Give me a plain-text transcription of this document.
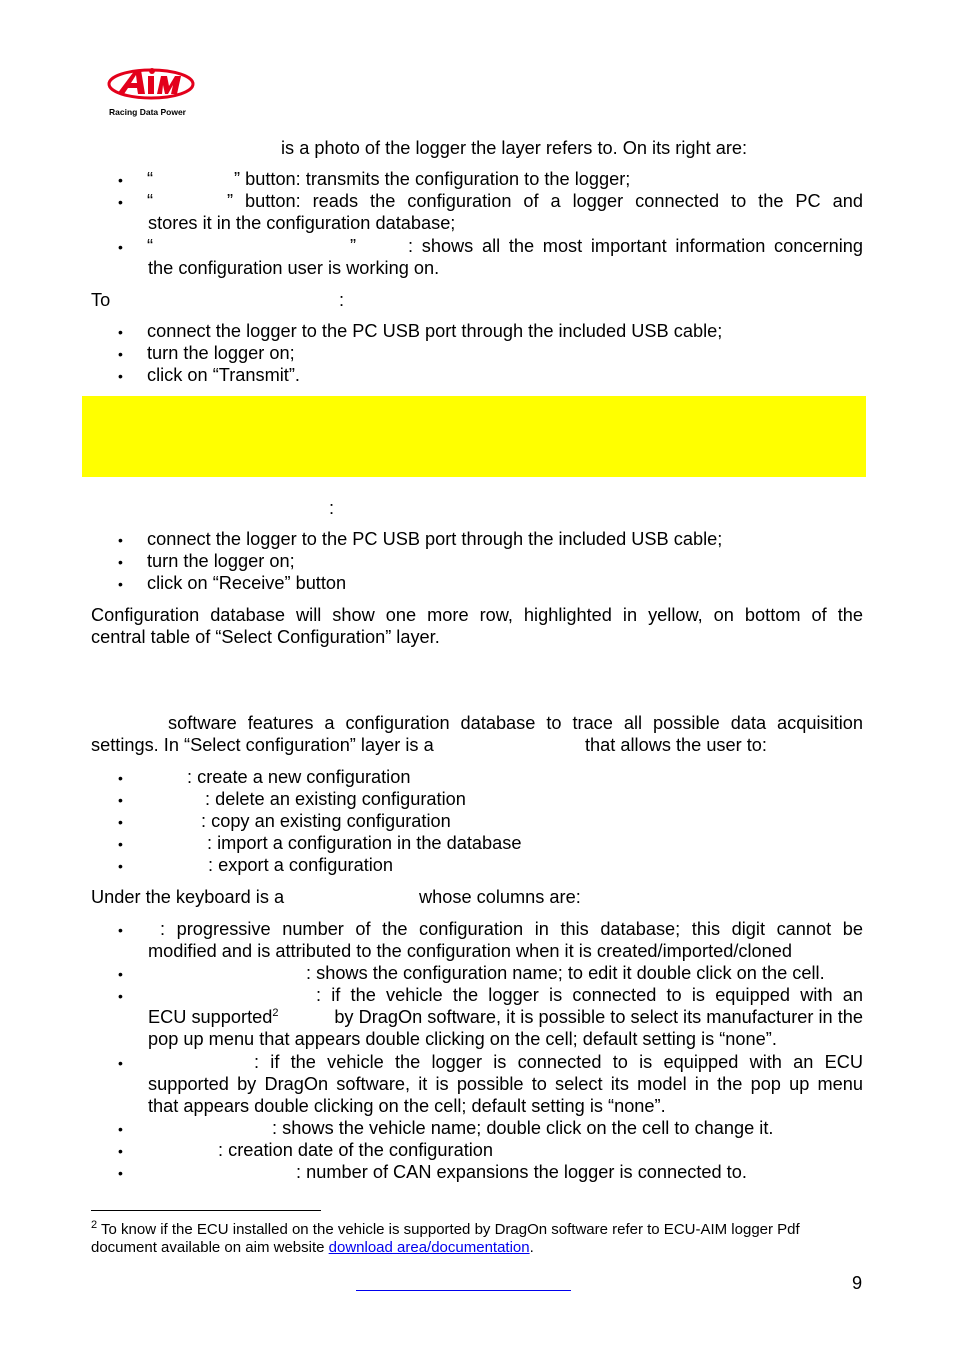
Racing Data Power
is a photo of the logger the layer refers to. On its right are:
• “	” button: transmits the configuration to the logger;
• “	” button: reads the configuration of a logger connected to the PC and
stores it in the configuration database;
• “	”	: shows all the most important information concerning
the configuration user is working on.
To	:
• connect the logger to the PC USB port through the included USB cable;
• turn the logger on;
• click on “Transmit”.
:
• connect the logger to the PC USB port through the included USB cable;
• turn the logger on;
• click on “Receive” button
Configuration database will show one more row, highlighted in yellow, on bottom of the
central table of “Select Configuration” layer.
software features a configuration database to trace all possible data acquisition
settings. In “Select configuration” layer is a	that allows the user to:
•	: create a new configuration
•	: delete an existing configuration
•	: copy an existing configuration
•	: import a configuration in the database
•	: export a configuration
Under the keyboard is a	whose columns are:
• : progressive number of the configuration in this database; this digit cannot be
modified and is attributed to the configuration when it is created/imported/cloned
•	: shows the configuration name; to edit it double click on the cell.
•	: if the vehicle the logger is connected to is equipped with an
ECU supported$^2$	by DragOn software, it is possible to select its manufacturer in the
pop up menu that appears double clicking on the cell; default setting is “none”.
•	: if the vehicle the logger is connected to is equipped with an ECU
supported by DragOn software, it is possible to select its model in the pop up menu
that appears double clicking on the cell; default setting is “none”.
•	: shows the vehicle name; double click on the cell to change it.
•	: creation date of the configuration
•	: number of CAN expansions the logger is connected to.
$^2$ To know if the ECU installed on the vehicle is supported by DragOn software refer to ECU-AIM logger Pdf
document available on aim website download area/documentation.
9
